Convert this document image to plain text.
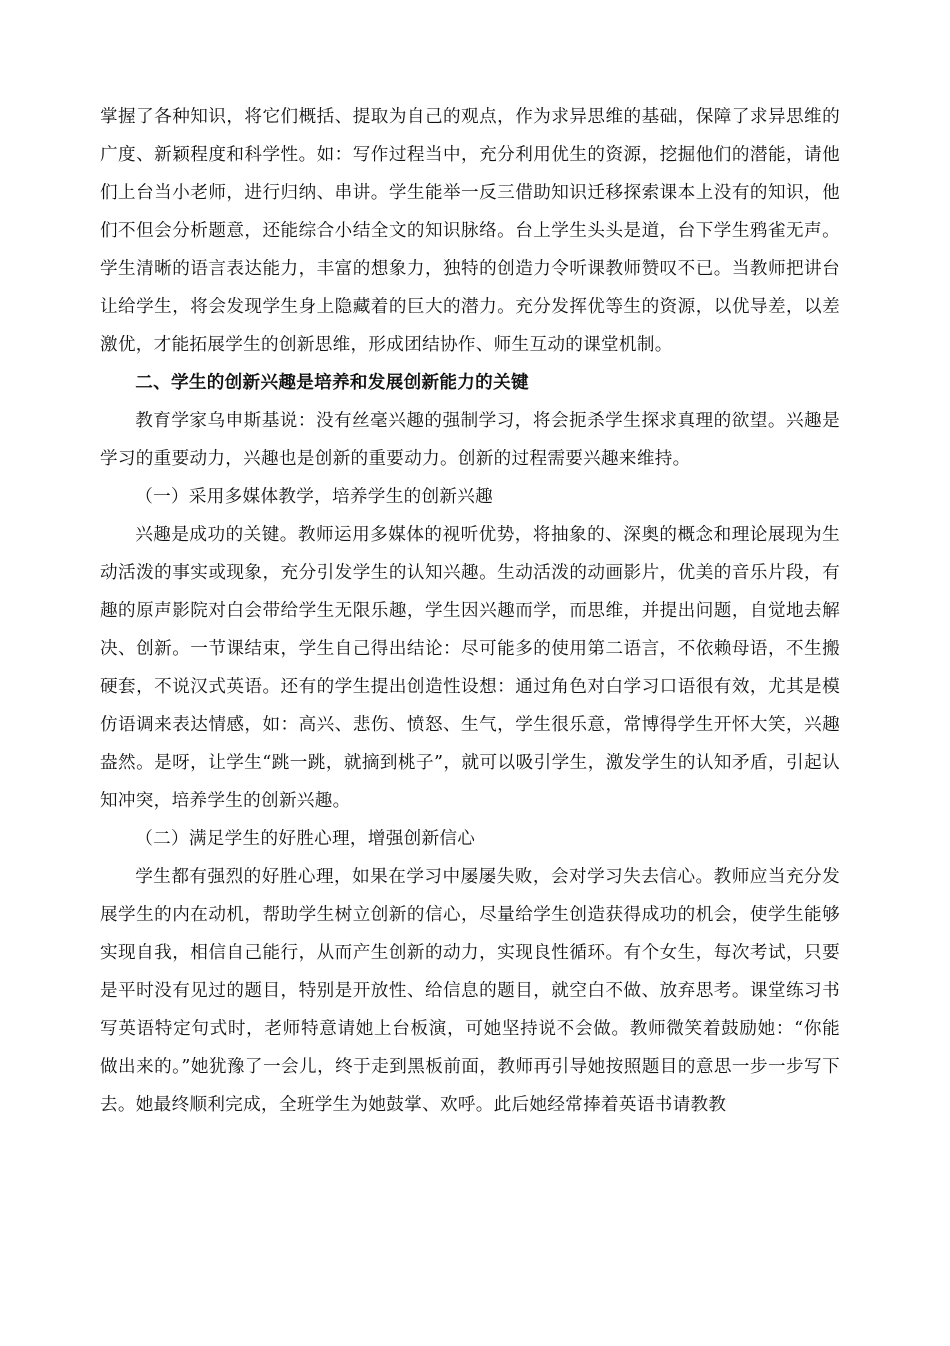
掌握了各种知识，将它们概括、提取为自己的观点，作为求异思维的基础，保障了求异思维的广度、新颖程度和科学性。如：写作过程当中，充分利用优生的资源，挖掘他们的潜能，请他们上台当小老师，进行归纳、串讲。学生能举一反三借助知识迁移探索课本上没有的知识，他们不但会分析题意，还能综合小结全文的知识脉络。台上学生头头是道，台下学生鸦雀无声。学生清晰的语言表达能力，丰富的想象力，独特的创造力令听课教师赞叹不已。当教师把讲台让给学生，将会发现学生身上隐藏着的巨大的潜力。充分发挥优等生的资源，以优导差，以差激优，才能拓展学生的创新思维，形成团结协作、师生互动的课堂机制。

二、学生的创新兴趣是培养和发展创新能力的关键

教育学家乌申斯基说：没有丝毫兴趣的强制学习，将会扼杀学生探求真理的欲望。兴趣是学习的重要动力，兴趣也是创新的重要动力。创新的过程需要兴趣来维持。

（一）采用多媒体教学，培养学生的创新兴趣

兴趣是成功的关键。教师运用多媒体的视听优势，将抽象的、深奥的概念和理论展现为生动活泼的事实或现象，充分引发学生的认知兴趣。生动活泼的动画影片，优美的音乐片段，有趣的原声影院对白会带给学生无限乐趣，学生因兴趣而学，而思维，并提出问题，自觉地去解决、创新。一节课结束，学生自己得出结论：尽可能多的使用第二语言，不依赖母语，不生搬硬套，不说汉式英语。还有的学生提出创造性设想：通过角色对白学习口语很有效，尤其是模仿语调来表达情感，如：高兴、悲伤、愤怒、生气，学生很乐意，常博得学生开怀大笑，兴趣盎然。是呀，让学生“跳一跳，就摘到桃子”，就可以吸引学生，激发学生的认知矛盾，引起认知冲突，培养学生的创新兴趣。

（二）满足学生的好胜心理，增强创新信心

学生都有强烈的好胜心理，如果在学习中屡屡失败，会对学习失去信心。教师应当充分发展学生的内在动机，帮助学生树立创新的信心，尽量给学生创造获得成功的机会，使学生能够实现自我，相信自己能行，从而产生创新的动力，实现良性循环。有个女生，每次考试，只要是平时没有见过的题目，特别是开放性、给信息的题目，就空白不做、放弃思考。课堂练习书写英语特定句式时，老师特意请她上台板演，可她坚持说不会做。教师微笑着鼓励她：“你能做出来的。”她犹豫了一会儿，终于走到黑板前面，教师再引导她按照题目的意思一步一步写下去。她最终顺利完成，全班学生为她鼓掌、欢呼。此后她经常捧着英语书请教教
